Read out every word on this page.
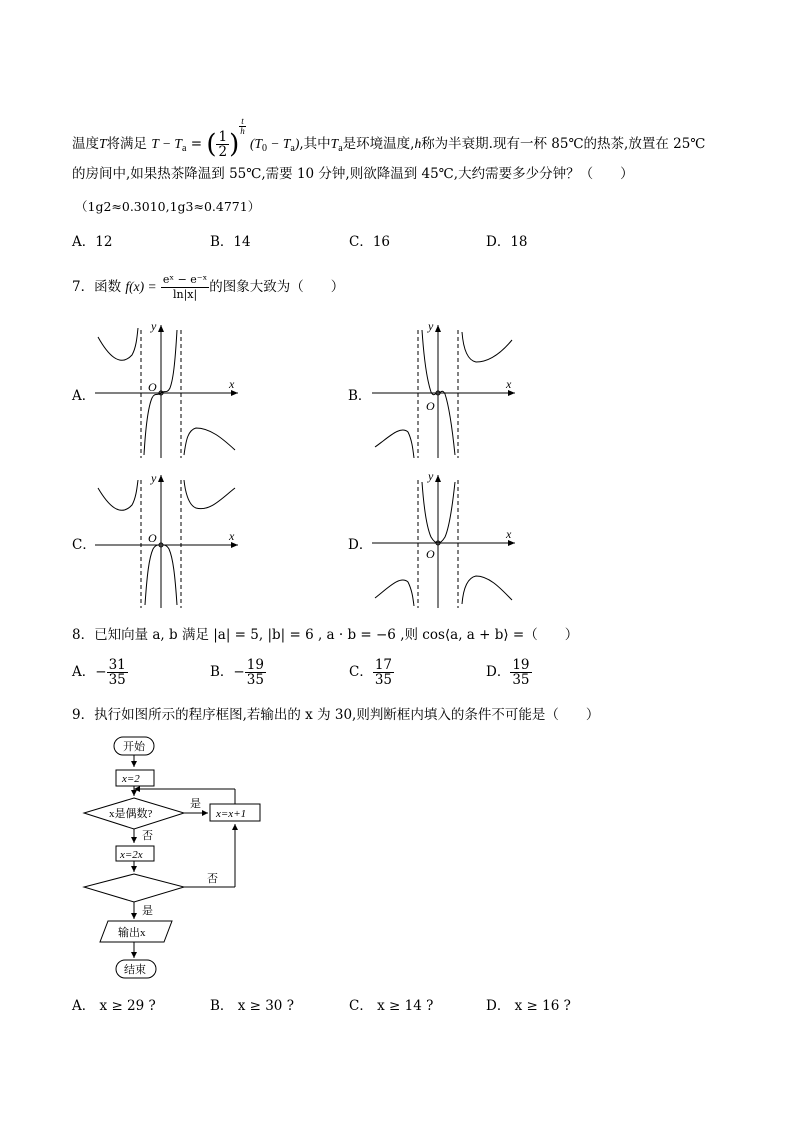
温度T将满足 $T - T_a$ = ( $\frac{1}{2}$ )
$\frac{t}{h}$
$(T_0 - T_a)$,其中$T_a$是环境温度,h称为半衰期.现有一杯 85℃的热茶,放置在 25℃
的房间中,如果热茶降温到 55℃,需要 10 分钟,则欲降温到 45℃,大约需要多少分钟？（　　）
（1g2≈0.3010,1g3≈0.4771）
A．12	B．14	C．16	D．18
7．函数 $f(x) = \frac{\text{eˣ − e⁻ˣ}}{\ln|x|}$ 的图象大致为（　　）
A．	B．
C．	D．
x
y
O	x
y
O
x
y
O	x
y
O
8．已知向量 a, b 满足 |a| = 5, |b| = 6 , a · b = −6 ,则 cos⟨a, a + b⟩ =（　　）
A．− $\frac{31}{35}$	B．− $\frac{19}{35}$	C． $\frac{17}{35}$	D． $\frac{19}{35}$
9．执行如图所示的程序框图,若输出的 x 为 30,则判断框内填入的条件不可能是（　　）
开始
x=2
x是偶数?
是
否
x=x+1
x=2x
否
是
输出x
结束
A． x ≥ 29 ?	B． x ≥ 30 ?	C． x ≥ 14 ?	D． x ≥ 16 ?
